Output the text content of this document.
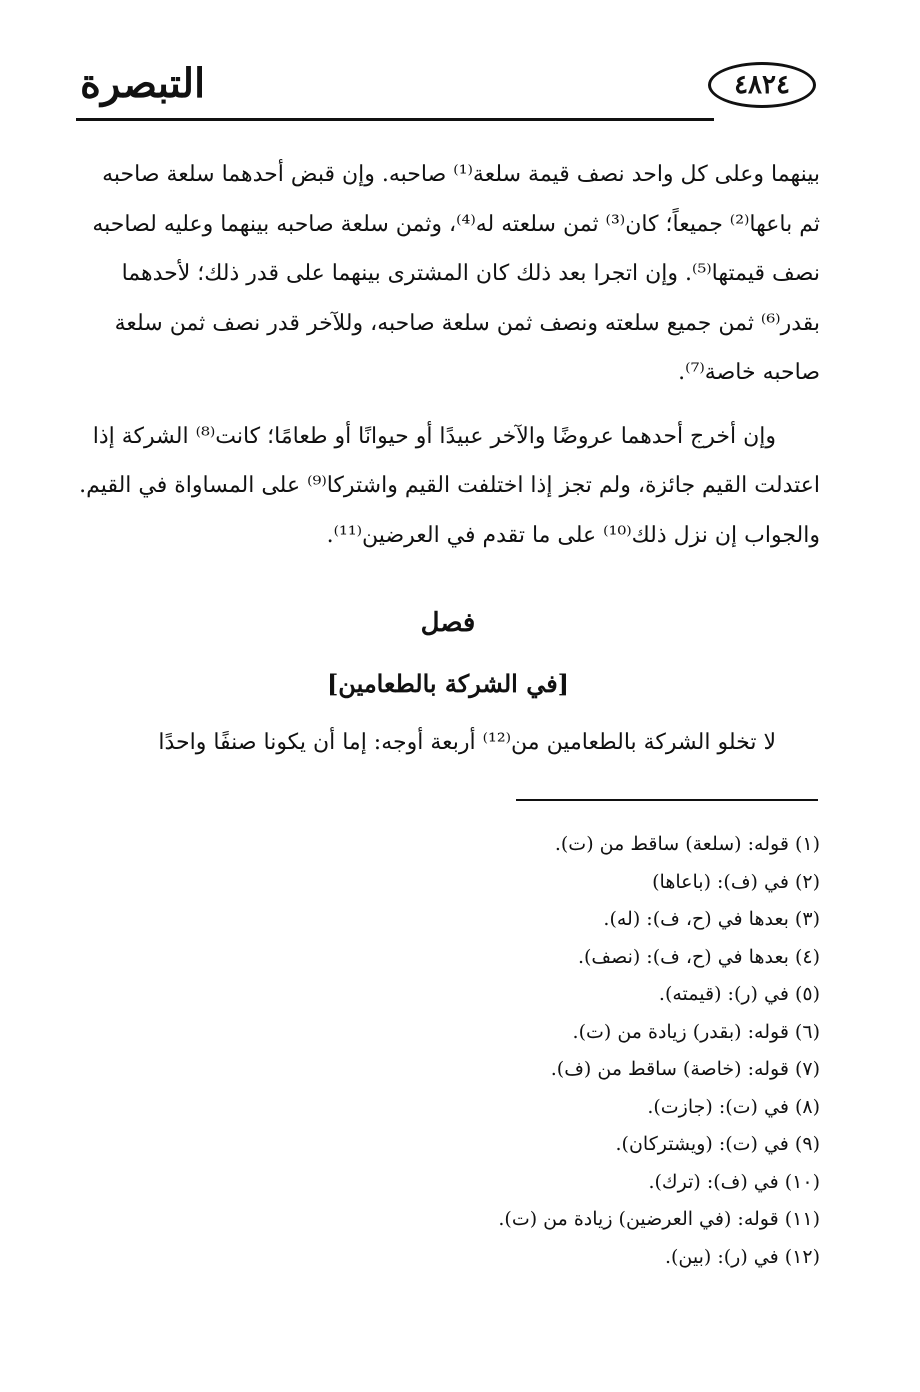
التبصرة	٤٨٢٤

بينهما وعلى كل واحد نصف قيمة سلعة⁽¹⁾ صاحبه. وإن قبض أحدهما سلعة صاحبه ثم باعها⁽²⁾ جميعاً؛ كان⁽³⁾ ثمن سلعته له⁽⁴⁾، وثمن سلعة صاحبه بينهما وعليه لصاحبه نصف قيمتها⁽⁵⁾. وإن اتجرا بعد ذلك كان المشترى بينهما على قدر ذلك؛ لأحدهما بقدر⁽⁶⁾ ثمن جميع سلعته ونصف ثمن سلعة صاحبه، وللآخر قدر نصف ثمن سلعة صاحبه خاصة⁽⁷⁾.

وإن أخرج أحدهما عروضًا والآخر عبيدًا أو حيوانًا أو طعامًا؛ كانت⁽⁸⁾ الشركة إذا اعتدلت القيم جائزة، ولم تجز إذا اختلفت القيم واشتركا⁽⁹⁾ على المساواة في القيم. والجواب إن نزل ذلك⁽¹⁰⁾ على ما تقدم في العرضين⁽¹¹⁾.

فصل
[في الشركة بالطعامين]
لا تخلو الشركة بالطعامين من⁽¹²⁾ أربعة أوجه: إما أن يكونا صنفًا واحدًا
(١) قوله: (سلعة) ساقط من (ت).
(٢) في (ف): (باعاها)
(٣) بعدها في (ح، ف): (له).
(٤) بعدها في (ح، ف): (نصف).
(٥) في (ر): (قيمته).
(٦) قوله: (بقدر) زيادة من (ت).
(٧) قوله: (خاصة) ساقط من (ف).
(٨) في (ت): (جازت).
(٩) في (ت): (ويشتركان).
(١٠) في (ف): (ترك).
(١١) قوله: (في العرضين) زيادة من (ت).
(١٢) في (ر): (بين).
